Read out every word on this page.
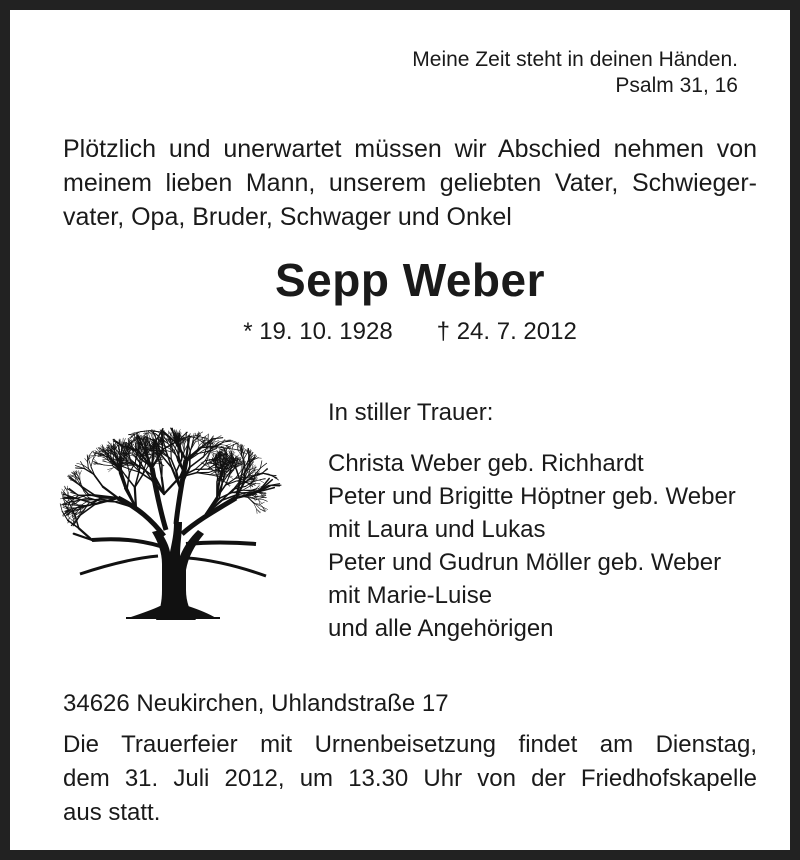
Meine Zeit steht in deinen Händen.
Psalm 31, 16
Plötzlich und unerwartet müssen wir Abschied nehmen von
meinem lieben Mann, unserem geliebten Vater, Schwieger-
vater, Opa, Bruder, Schwager und Onkel
Sepp Weber
* 19. 10. 1928 † 24. 7. 2012
In stiller Trauer:
Christa Weber geb. Richhardt
Peter und Brigitte Höptner geb. Weber
mit Laura und Lukas
Peter und Gudrun Möller geb. Weber
mit Marie-Luise
und alle Angehörigen
34626 Neukirchen, Uhlandstraße 17
Die Trauerfeier mit Urnenbeisetzung findet am Dienstag,
dem 31. Juli 2012, um 13.30 Uhr von der Friedhofskapelle
aus statt.
